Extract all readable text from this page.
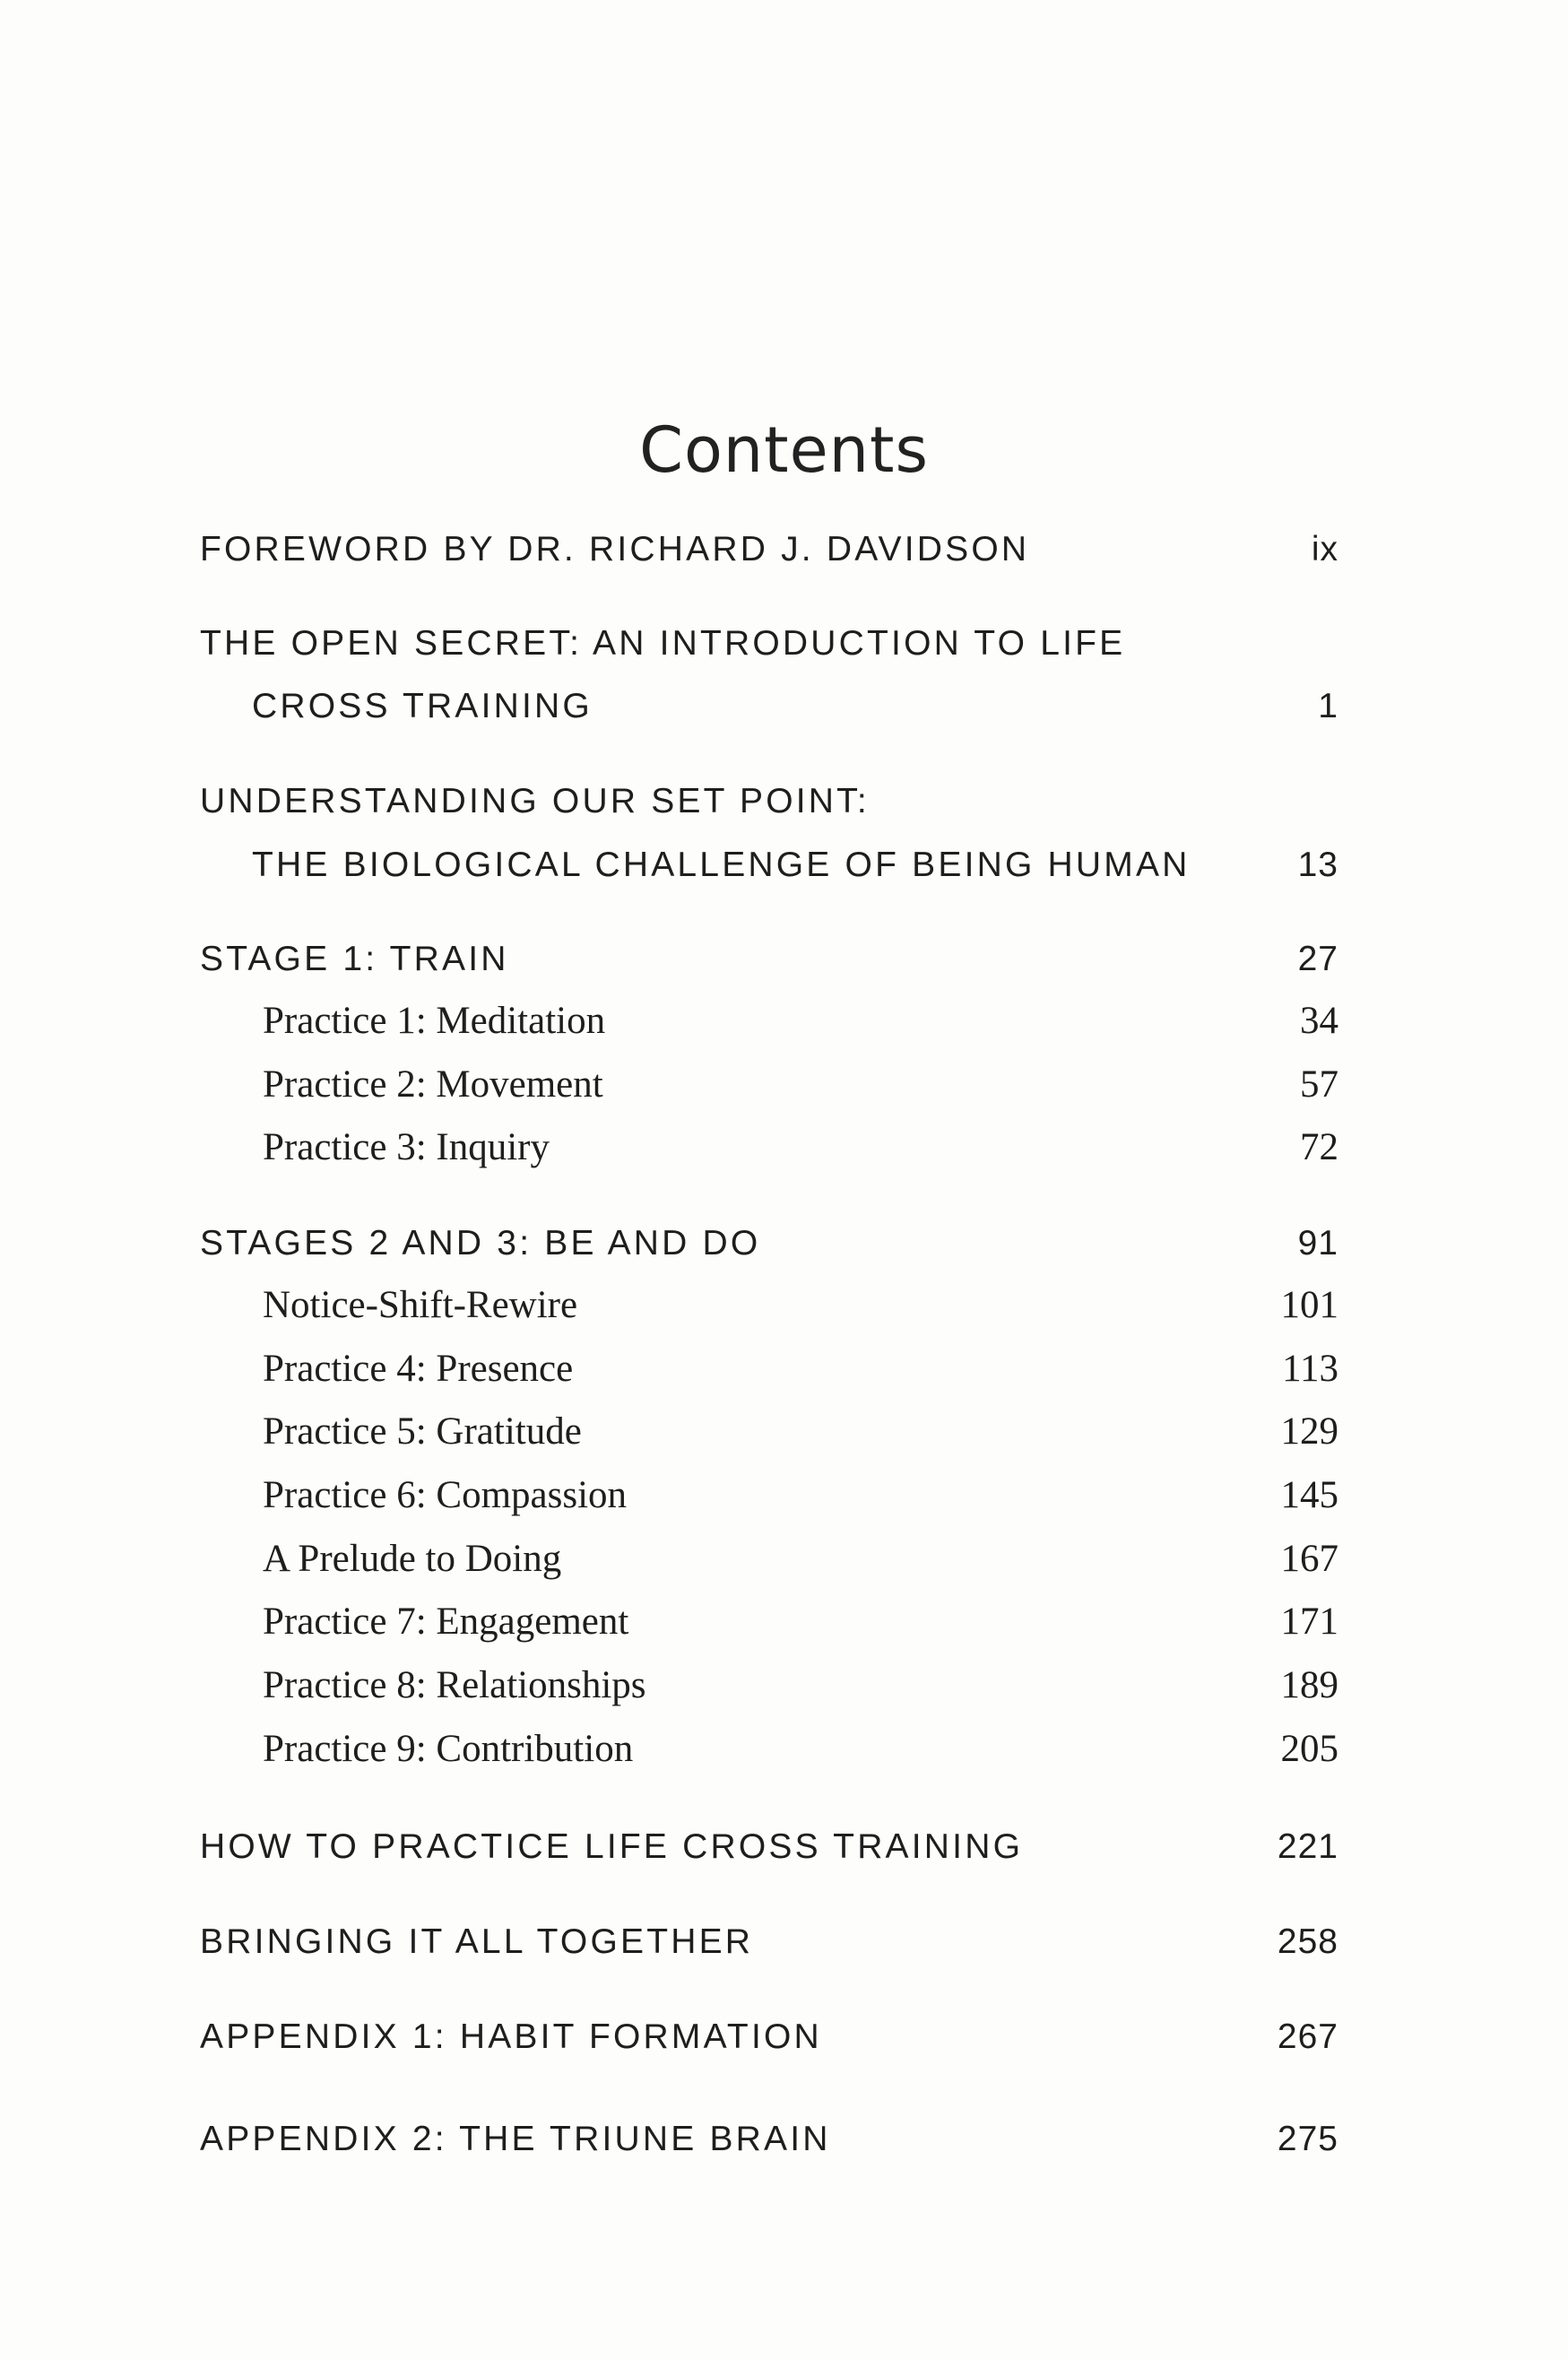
Contents
FOREWORD BY DR. RICHARD J. DAVIDSON	ix
THE OPEN SECRET: AN INTRODUCTION TO LIFE
CROSS TRAINING	1
UNDERSTANDING OUR SET POINT:
THE BIOLOGICAL CHALLENGE OF BEING HUMAN	13
STAGE 1: TRAIN	27
Practice 1: Meditation	34
Practice 2: Movement	57
Practice 3: Inquiry	72
STAGES 2 AND 3: BE AND DO	91
Notice-Shift-Rewire	101
Practice 4: Presence	113
Practice 5: Gratitude	129
Practice 6: Compassion	145
A Prelude to Doing	167
Practice 7: Engagement	171
Practice 8: Relationships	189
Practice 9: Contribution	205
HOW TO PRACTICE LIFE CROSS TRAINING	221
BRINGING IT ALL TOGETHER	258
APPENDIX 1: HABIT FORMATION	267
APPENDIX 2: THE TRIUNE BRAIN	275
